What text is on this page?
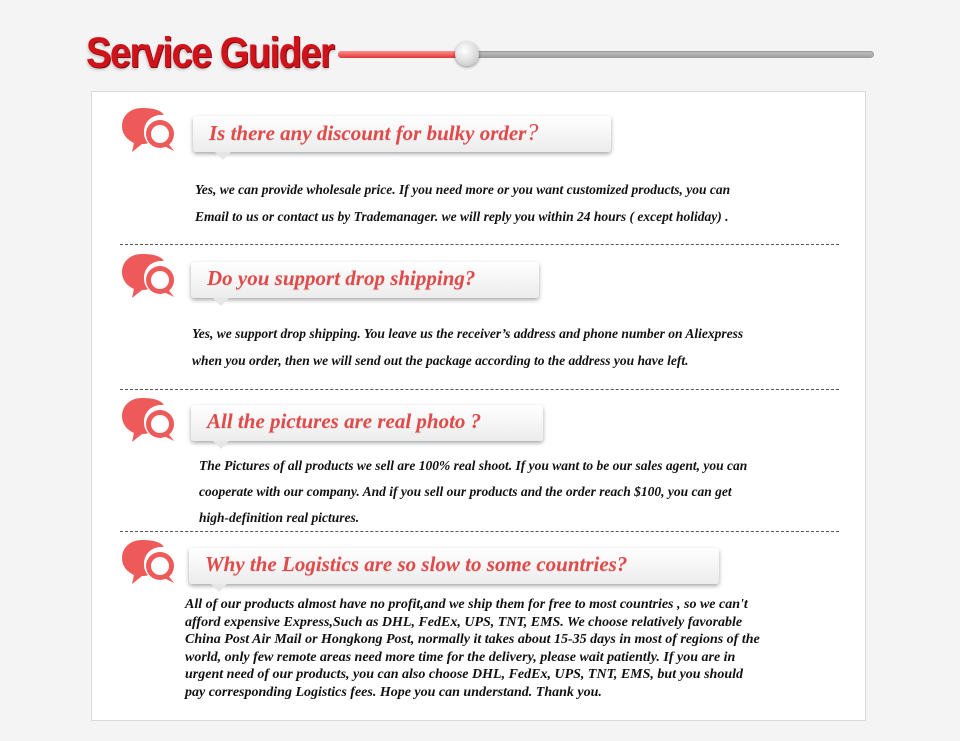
Service Guider
Is there any discount for bulky order?

Yes, we can provide wholesale price. If you need more or you want customized products, you can
Email to us or contact us by Trademanager. we will reply you within 24 hours ( except holiday) .

Do you support drop shipping?

Yes, we support drop shipping. You leave us the receiver’s address and phone number on Aliexpress
when you order, then we will send out the package according to the address you have left.

All the pictures are real photo ?

The Pictures of all products we sell are 100% real shoot. If you want to be our sales agent, you can
cooperate with our company. And if you sell our products and the order reach $100, you can get
high-definition real pictures.

Why the Logistics are so slow to some countries?

All of our products almost have no profit,and we ship them for free to most countries , so we can't
afford expensive Express,Such as DHL, FedEx, UPS, TNT, EMS. We choose relatively favorable
China Post Air Mail or Hongkong Post, normally it takes about 15-35 days in most of regions of the
world, only few remote areas need more time for the delivery, please wait patiently. If you are in
urgent need of our products, you can also choose DHL, FedEx, UPS, TNT, EMS, but you should
pay corresponding Logistics fees. Hope you can understand. Thank you.
